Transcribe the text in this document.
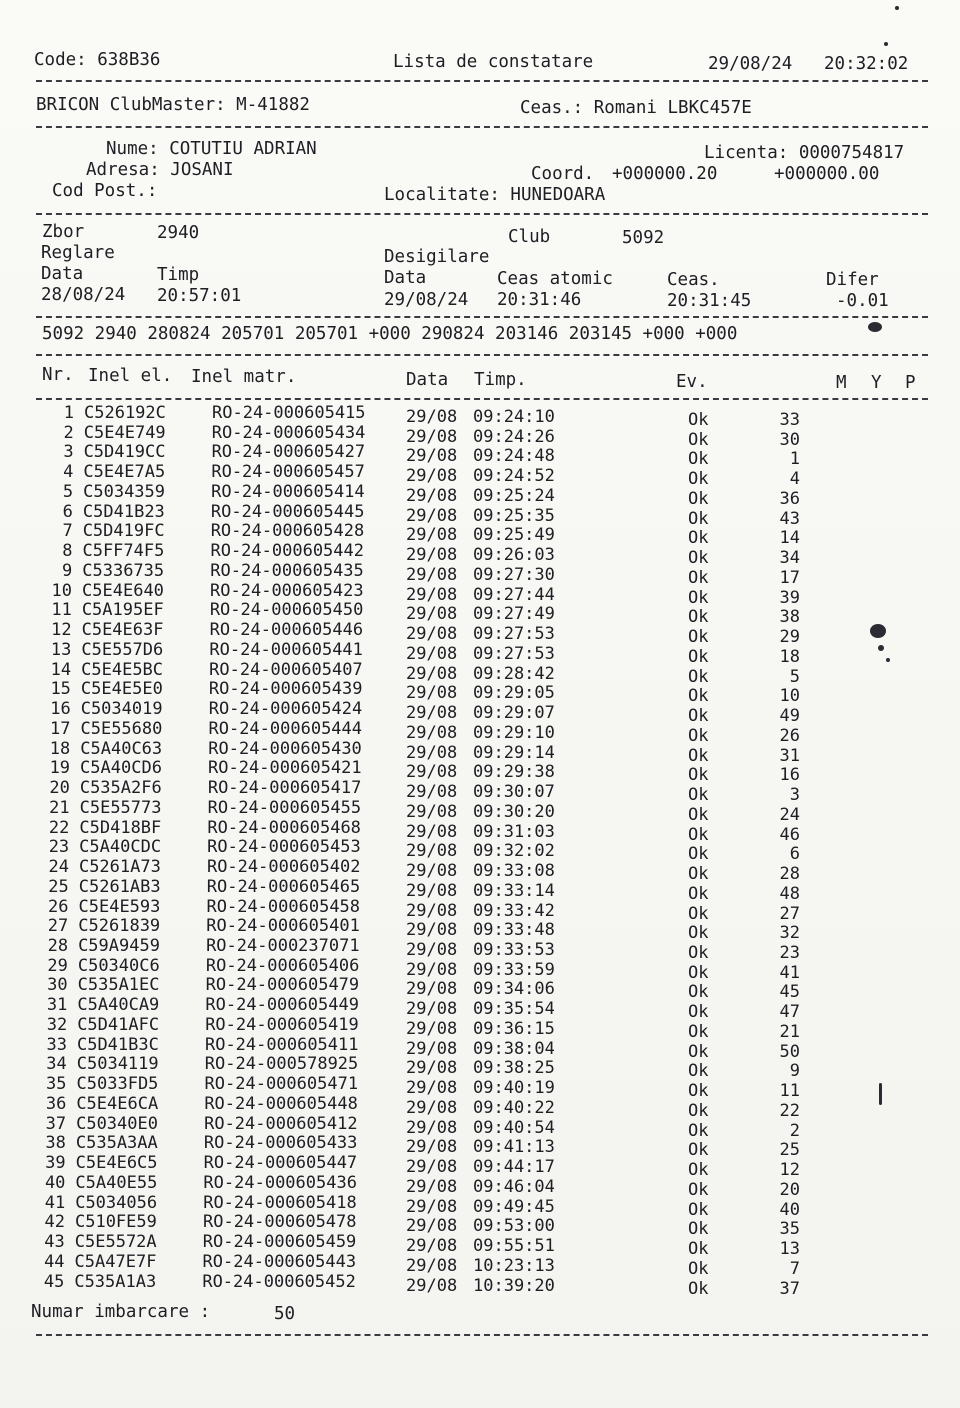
Code: 638B36	Lista de constatare	29/08/24 20:32:02
BRICON ClubMaster: M-41882	Ceas.: Romani LBKC457E
Nume: COTUTIU ADRIAN	Licenta: 0000754817
Adresa: JOSANI	Coord. +000000.20	+000000.00
Cod Post.:	Localitate: HUNEDOARA
Zbor	2940	Club	5092
Reglare	Desigilare
Data	Timp	Data	Ceas atomic	Ceas.	Difer
28/08/24 20:57:01	29/08/24 20:31:46	20:31:45	-0.01
5092 2940 280824 205701 205701 +000 290824 203146 203145 +000 +000
Nr. Inel el. Inel matr.	Data Timp.	Ev.	M Y P
1 C526192C	RO-24-000605415 29/08 09:24:10	Ok	33
2 C5E4E749	RO-24-000605434 29/08 09:24:26	Ok	30
3 C5D419CC	RO-24-000605427 29/08 09:24:48	Ok	1
4 C5E4E7A5	RO-24-000605457 29/08 09:24:52	Ok	4
5 C5034359	RO-24-000605414 29/08 09:25:24	Ok	36
6 C5D41B23	RO-24-000605445 29/08 09:25:35	Ok	43
7 C5D419FC	RO-24-000605428 29/08 09:25:49	Ok	14
8 C5FF74F5	RO-24-000605442 29/08 09:26:03	Ok	34
9 C5336735	RO-24-000605435 29/08 09:27:30	Ok	17
10 C5E4E640	RO-24-000605423 29/08 09:27:44	Ok	39
11 C5A195EF	RO-24-000605450	29/08 09:27:49	Ok	38
12 C5E4E63F	RO-24-000605446	29/08 09:27:53	Ok	29
13 C5E557D6	RO-24-000605441	29/08 09:27:53	Ok	18
14 C5E4E5BC	RO-24-000605407	29/08 09:28:42	Ok	5
15 C5E4E5E0	RO-24-000605439	29/08 09:29:05	Ok	10
16 C5034019	RO-24-000605424	29/08 09:29:07	Ok	49
17 C5E55680	RO-24-000605444	29/08 09:29:10	Ok	26
18 C5A40C63	RO-24-000605430	29/08 09:29:14	Ok	31
19 C5A40CD6	RO-24-000605421	29/08 09:29:38	Ok	16
20 C535A2F6	RO-24-000605417	29/08 09:30:07	Ok	3
21 C5E55773	RO-24-000605455	29/08 09:30:20	Ok	24
22 C5D418BF	RO-24-000605468	29/08 09:31:03	Ok	46
23 C5A40CDC	RO-24-000605453	29/08 09:32:02	Ok	6
24 C5261A73	RO-24-000605402	29/08 09:33:08	Ok	28
25 C5261AB3	RO-24-000605465	29/08 09:33:14	Ok	48
26 C5E4E593	RO-24-000605458	29/08 09:33:42	Ok	27
27 C5261839	RO-24-000605401	29/08 09:33:48	Ok	32
28 C59A9459	RO-24-000237071	29/08 09:33:53	Ok	23
29 C50340C6	RO-24-000605406	29/08 09:33:59	Ok	41
30 C535A1EC	RO-24-000605479	29/08 09:34:06	Ok	45
31 C5A40CA9	RO-24-000605449	29/08 09:35:54	Ok	47
32 C5D41AFC	RO-24-000605419	29/08 09:36:15	Ok	21
33 C5D41B3C	RO-24-000605411	29/08 09:38:04	Ok	50
34 C5034119	RO-24-000578925	29/08 09:38:25	Ok	9
35 C5033FD5	RO-24-000605471	29/08 09:40:19	Ok	11
36 C5E4E6CA	RO-24-000605448	29/08 09:40:22	Ok	22
37 C50340E0	RO-24-000605412	29/08 09:40:54	Ok	2
38 C535A3AA	RO-24-000605433	29/08 09:41:13	Ok	25
39 C5E4E6C5	RO-24-000605447	29/08 09:44:17	Ok	12
40 C5A40E55	RO-24-000605436	29/08 09:46:04	Ok	20
41 C5034056	RO-24-000605418	29/08 09:49:45	Ok	40
42 C510FE59	RO-24-000605478	29/08 09:53:00	Ok	35
43 C5E5572A	RO-24-000605459	29/08 09:55:51	Ok	13
44 C5A47E7F	RO-24-000605443	29/08 10:23:13	Ok	7
45 C535A1A3	RO-24-000605452	29/08 10:39:20	Ok	37
Numar imbarcare :	50
